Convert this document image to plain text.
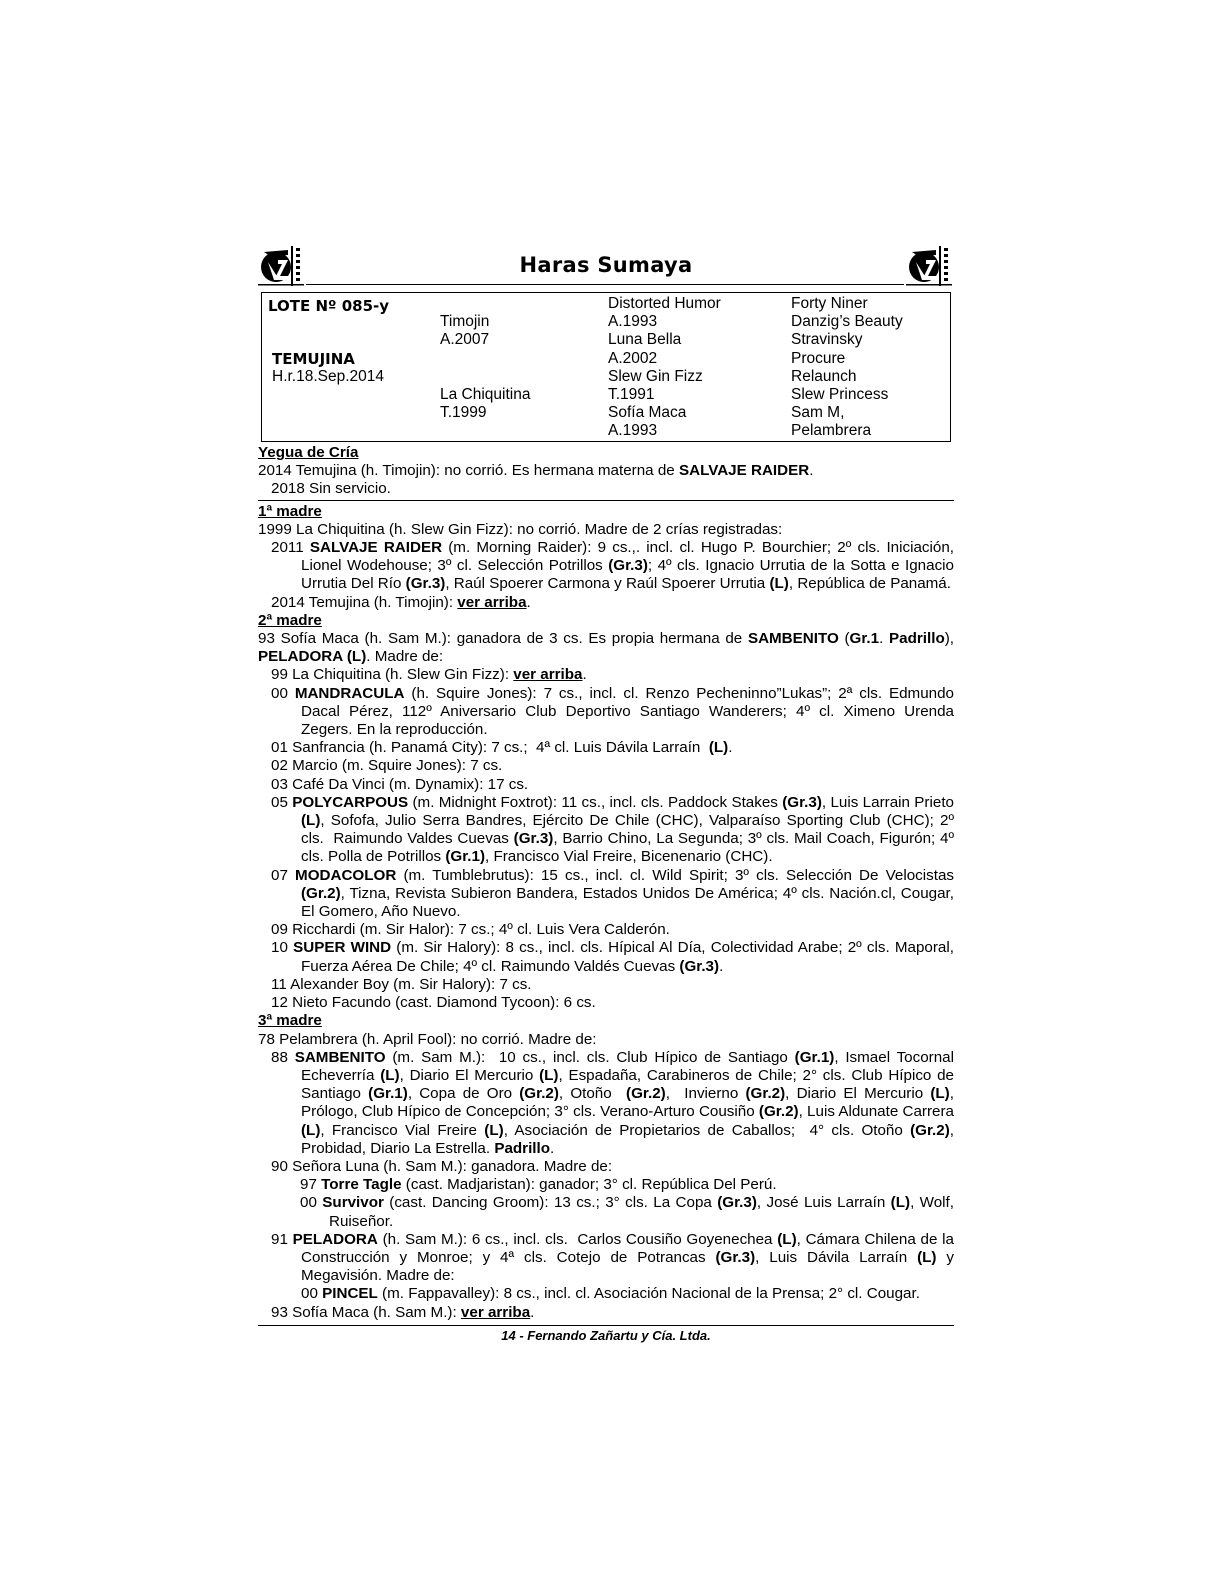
Haras Sumaya
LOTE Nº 085-y
TEMUJINA
H.r.18.Sep.2014
Timojin
A.2007
La Chiquitina
T.1999
Distorted Humor
A.1993
Luna Bella
A.2002
Slew Gin Fizz
T.1991
Sofía Maca
A.1993
Forty Niner
Danzig’s Beauty
Stravinsky
Procure
Relaunch
Slew Princess
Sam M,
Pelambrera
Yegua de Cría
2014 Temujina (h. Timojin): no corrió. Es hermana materna de SALVAJE RAIDER.
2018 Sin servicio.
1ª madre
1999 La Chiquitina (h. Slew Gin Fizz): no corrió. Madre de 2 crías registradas:
2011 SALVAJE RAIDER (m. Morning Raider): 9 cs.,. incl. cl. Hugo P. Bourchier; 2º cls. Iniciación, Lionel Wodehouse; 3º cl. Selección Potrillos (Gr.3); 4º cls. Ignacio Urrutia de la Sotta e Ignacio Urrutia Del Río (Gr.3), Raúl Spoerer Carmona y Raúl Spoerer Urrutia (L), República de Panamá.
2014 Temujina (h. Timojin): ver arriba.
2ª madre
93 Sofía Maca (h. Sam M.): ganadora de 3 cs. Es propia hermana de SAMBENITO (Gr.1. Padrillo), PELADORA (L). Madre de:
99 La Chiquitina (h. Slew Gin Fizz): ver arriba.
00 MANDRACULA (h. Squire Jones): 7 cs., incl. cl. Renzo Pecheninno”Lukas”; 2ª cls. Edmundo Dacal Pérez, 112º Aniversario Club Deportivo Santiago Wanderers; 4º cl. Ximeno Urenda Zegers. En la reproducción.
01 Sanfrancia (h. Panamá City): 7 cs.;  4ª cl. Luis Dávila Larraín  (L).
02 Marcio (m. Squire Jones): 7 cs.
03 Café Da Vinci (m. Dynamix): 17 cs.
05 POLYCARPOUS (m. Midnight Foxtrot): 11 cs., incl. cls. Paddock Stakes (Gr.3), Luis Larrain Prieto (L), Sofofa, Julio Serra Bandres, Ejército De Chile (CHC), Valparaíso Sporting Club (CHC); 2º cls.  Raimundo Valdes Cuevas (Gr.3), Barrio Chino, La Segunda; 3º cls. Mail Coach, Figurón; 4º cls. Polla de Potrillos (Gr.1), Francisco Vial Freire, Bicenenario (CHC).
07 MODACOLOR (m. Tumblebrutus): 15 cs., incl. cl. Wild Spirit; 3º cls. Selección De Velocistas (Gr.2), Tizna, Revista Subieron Bandera, Estados Unidos De América; 4º cls. Nación.cl, Cougar, El Gomero, Año Nuevo.
09 Ricchardi (m. Sir Halor): 7 cs.; 4º cl. Luis Vera Calderón.
10 SUPER WIND (m. Sir Halory): 8 cs., incl. cls. Hípical Al Día, Colectividad Arabe; 2º cls. Maporal, Fuerza Aérea De Chile; 4º cl. Raimundo Valdés Cuevas (Gr.3).
11 Alexander Boy (m. Sir Halory): 7 cs.
12 Nieto Facundo (cast. Diamond Tycoon): 6 cs.
3ª madre
78 Pelambrera (h. April Fool): no corrió. Madre de:
88 SAMBENITO (m. Sam M.):  10 cs., incl. cls. Club Hípico de Santiago (Gr.1), Ismael Tocornal Echeverría (L), Diario El Mercurio (L), Espadaña, Carabineros de Chile; 2° cls. Club Hípico de Santiago (Gr.1), Copa de Oro (Gr.2), Otoño  (Gr.2),  Invierno (Gr.2), Diario El Mercurio (L), Prólogo, Club Hípico de Concepción; 3° cls. Verano-Arturo Cousiño (Gr.2), Luis Aldunate Carrera (L), Francisco Vial Freire (L), Asociación de Propietarios de Caballos;  4° cls. Otoño (Gr.2), Probidad, Diario La Estrella. Padrillo.
90 Señora Luna (h. Sam M.): ganadora. Madre de:
97 Torre Tagle (cast. Madjaristan): ganador; 3° cl. República Del Perú.
00 Survivor (cast. Dancing Groom): 13 cs.; 3° cls. La Copa (Gr.3), José Luis Larraín (L), Wolf, Ruiseñor.
91 PELADORA (h. Sam M.): 6 cs., incl. cls.  Carlos Cousiño Goyenechea (L), Cámara Chilena de la Construcción y Monroe; y 4ª cls. Cotejo de Potrancas (Gr.3), Luis Dávila Larraín (L) y Megavisión. Madre de:
00 PINCEL (m. Fappavalley): 8 cs., incl. cl. Asociación Nacional de la Prensa; 2° cl. Cougar.
93 Sofía Maca (h. Sam M.): ver arriba.
14 - Fernando Zañartu y Cía. Ltda.
